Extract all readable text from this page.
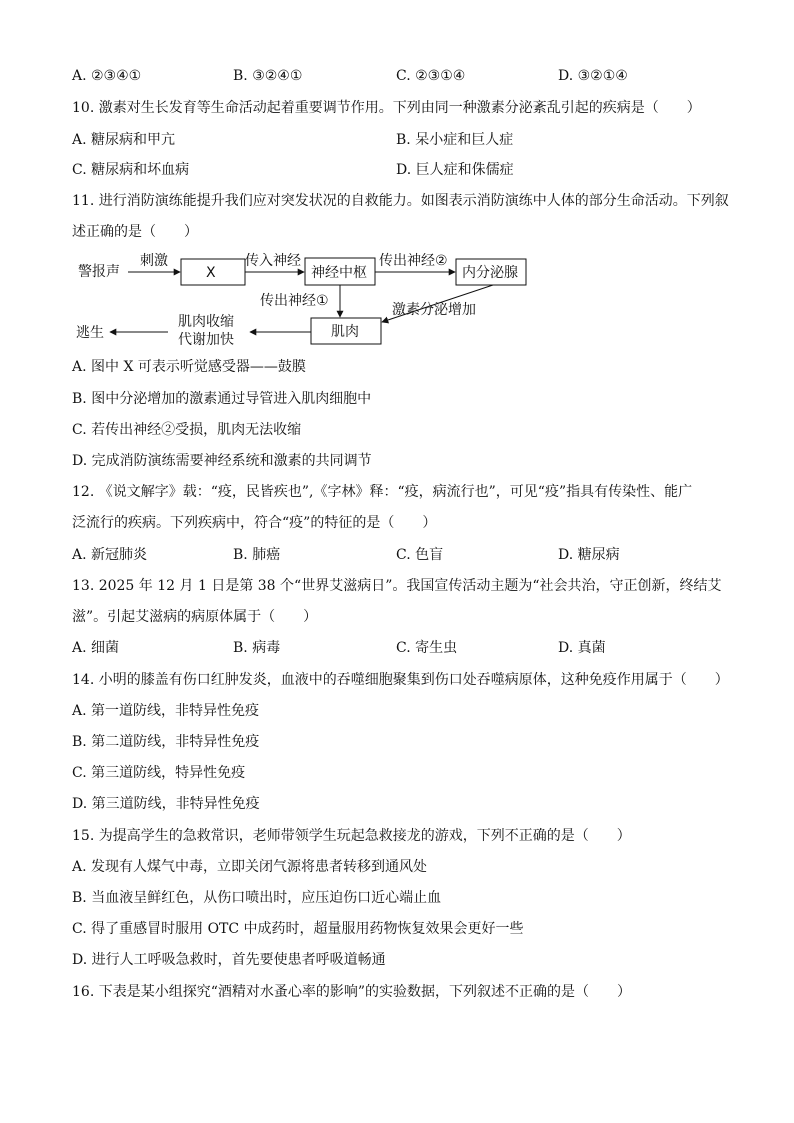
A. ②③④①	B. ③②④①	C. ②③①④	D. ③②①④
10. 激素对生长发育等生命活动起着重要调节作用。下列由同一种激素分泌紊乱引起的疾病是（　　）
A. 糖尿病和甲亢	B. 呆小症和巨人症
C. 糖尿病和坏血病	D. 巨人症和侏儒症
11. 进行消防演练能提升我们应对突发状况的自救能力。如图表示消防演练中人体的部分生命活动。下列叙
述正确的是（　　）
警报声
刺激
X
传入神经
神经中枢
传出神经②
内分泌腺
传出神经①
激素分泌增加
肌肉
肌肉收缩
代谢加快
逃生
A. 图中 X 可表示听觉感受器——鼓膜
B. 图中分泌增加的激素通过导管进入肌肉细胞中
C. 若传出神经②受损，肌肉无法收缩
D. 完成消防演练需要神经系统和激素的共同调节
12. 《说文解字》载：“疫，民皆疾也”,《字林》释：“疫，病流行也”，可见“疫”指具有传染性、能广
泛流行的疾病。下列疾病中，符合“疫”的特征的是（　　）
A. 新冠肺炎	B. 肺癌	C. 色盲	D. 糖尿病
13. 2025 年 12 月 1 日是第 38 个“世界艾滋病日”。我国宣传活动主题为“社会共治，守正创新，终结艾
滋”。引起艾滋病的病原体属于（　　）
A. 细菌	B. 病毒	C. 寄生虫	D. 真菌
14. 小明的膝盖有伤口红肿发炎，血液中的吞噬细胞聚集到伤口处吞噬病原体，这种免疫作用属于（　　）
A. 第一道防线，非特异性免疫
B. 第二道防线，非特异性免疫
C. 第三道防线，特异性免疫
D. 第三道防线，非特异性免疫
15. 为提高学生的急救常识，老师带领学生玩起急救接龙的游戏，下列不正确的是（　　）
A. 发现有人煤气中毒，立即关闭气源将患者转移到通风处
B. 当血液呈鲜红色，从伤口喷出时，应压迫伤口近心端止血
C. 得了重感冒时服用 OTC 中成药时，超量服用药物恢复效果会更好一些
D. 进行人工呼吸急救时，首先要使患者呼吸道畅通
16. 下表是某小组探究“酒精对水蚤心率的影响”的实验数据，下列叙述不正确的是（　　）
